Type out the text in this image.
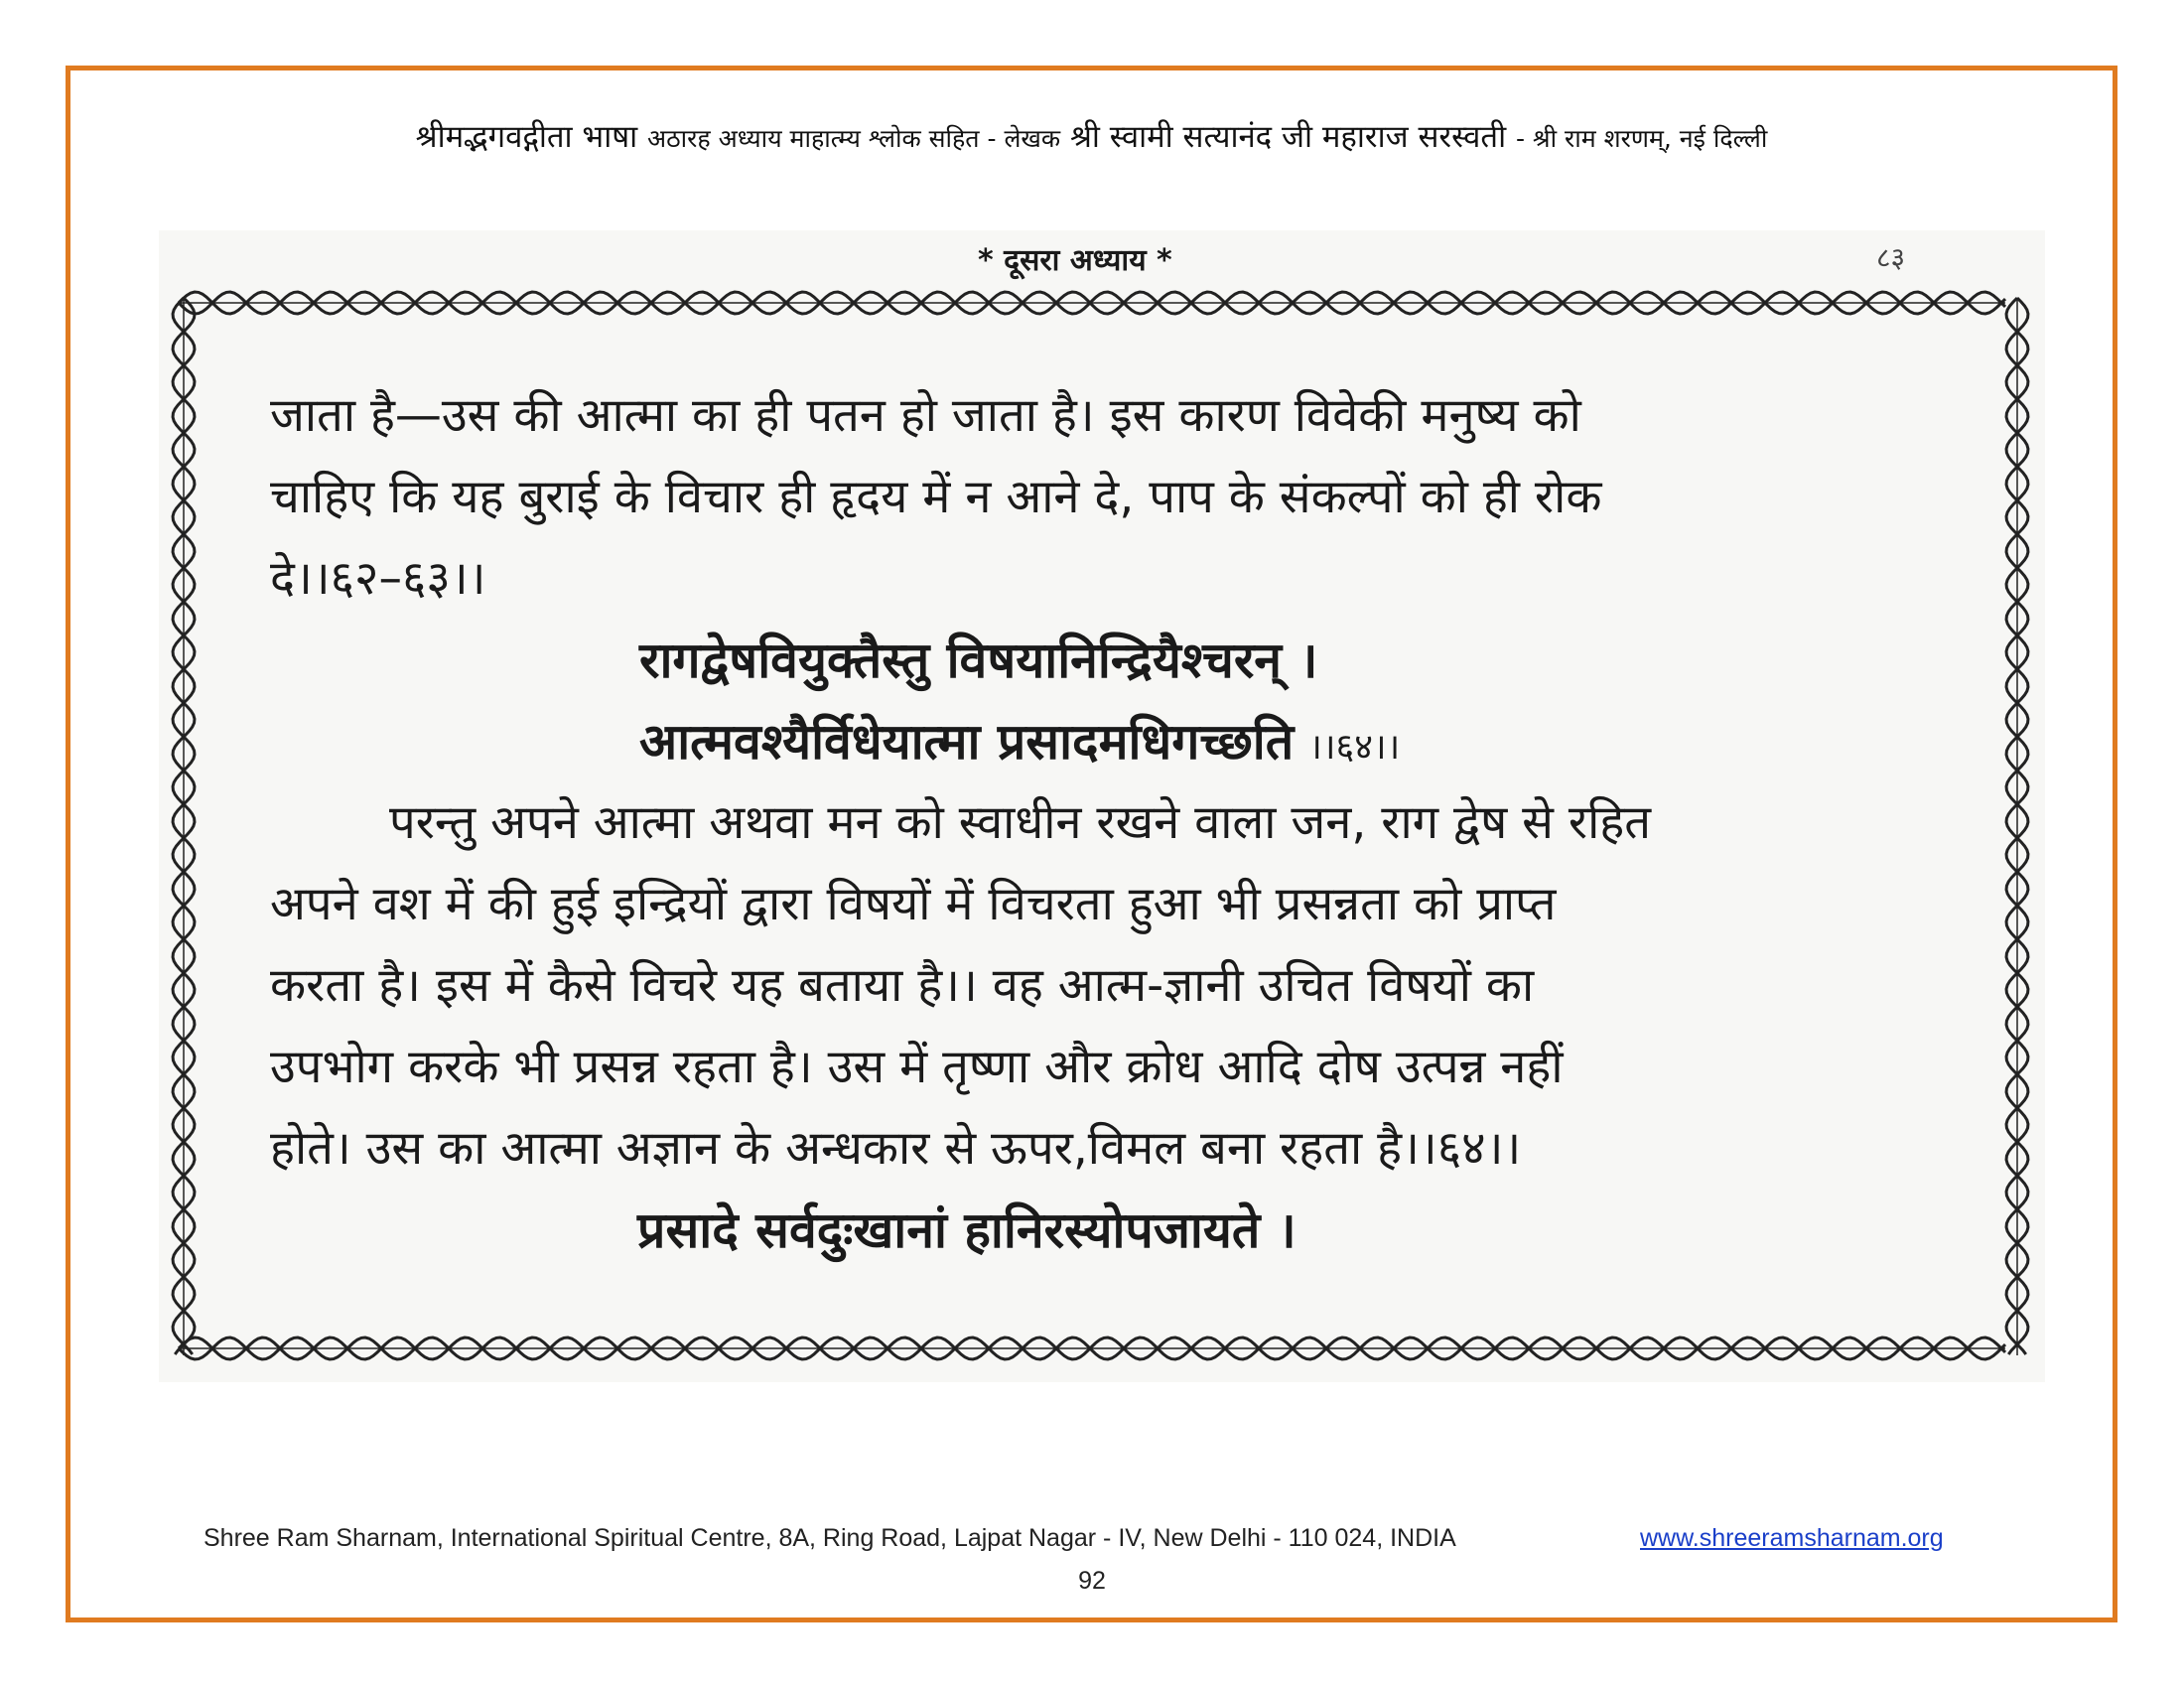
श्रीमद्भगवद्गीता भाषा अठारह अध्याय माहात्म्य श्लोक सहित - लेखक श्री स्वामी सत्यानंद जी महाराज सरस्वती - श्री राम शरणम्, नई दिल्ली
* दूसरा अध्याय *	८३
जाता है—उस की आत्मा का ही पतन हो जाता है। इस कारण विवेकी मनुष्य को
चाहिए कि यह बुराई के विचार ही हृदय में न आने दे, पाप के संकल्पों को ही रोक
दे।।६२–६३।।
रागद्वेषवियुक्तैस्तु विषयानिन्द्रियैश्चरन् ।
आत्मवश्यैर्विधेयात्मा प्रसादमधिगच्छति ।।६४।।
परन्तु अपने आत्मा अथवा मन को स्वाधीन रखने वाला जन, राग द्वेष से रहित
अपने वश में की हुई इन्द्रियों द्वारा विषयों में विचरता हुआ भी प्रसन्नता को प्राप्त
करता है। इस में कैसे विचरे यह बताया है।। वह आत्म-ज्ञानी उचित विषयों का
उपभोग करके भी प्रसन्न रहता है। उस में तृष्णा और क्रोध आदि दोष उत्पन्न नहीं
होते। उस का आत्मा अज्ञान के अन्धकार से ऊपर,विमल बना रहता है।।६४।।
प्रसादे सर्वदुःखानां हानिरस्योपजायते ।
Shree Ram Sharnam, International Spiritual Centre, 8A, Ring Road, Lajpat Nagar - IV, New Delhi - 110 024, INDIA	www.shreeramsharnam.org
92
